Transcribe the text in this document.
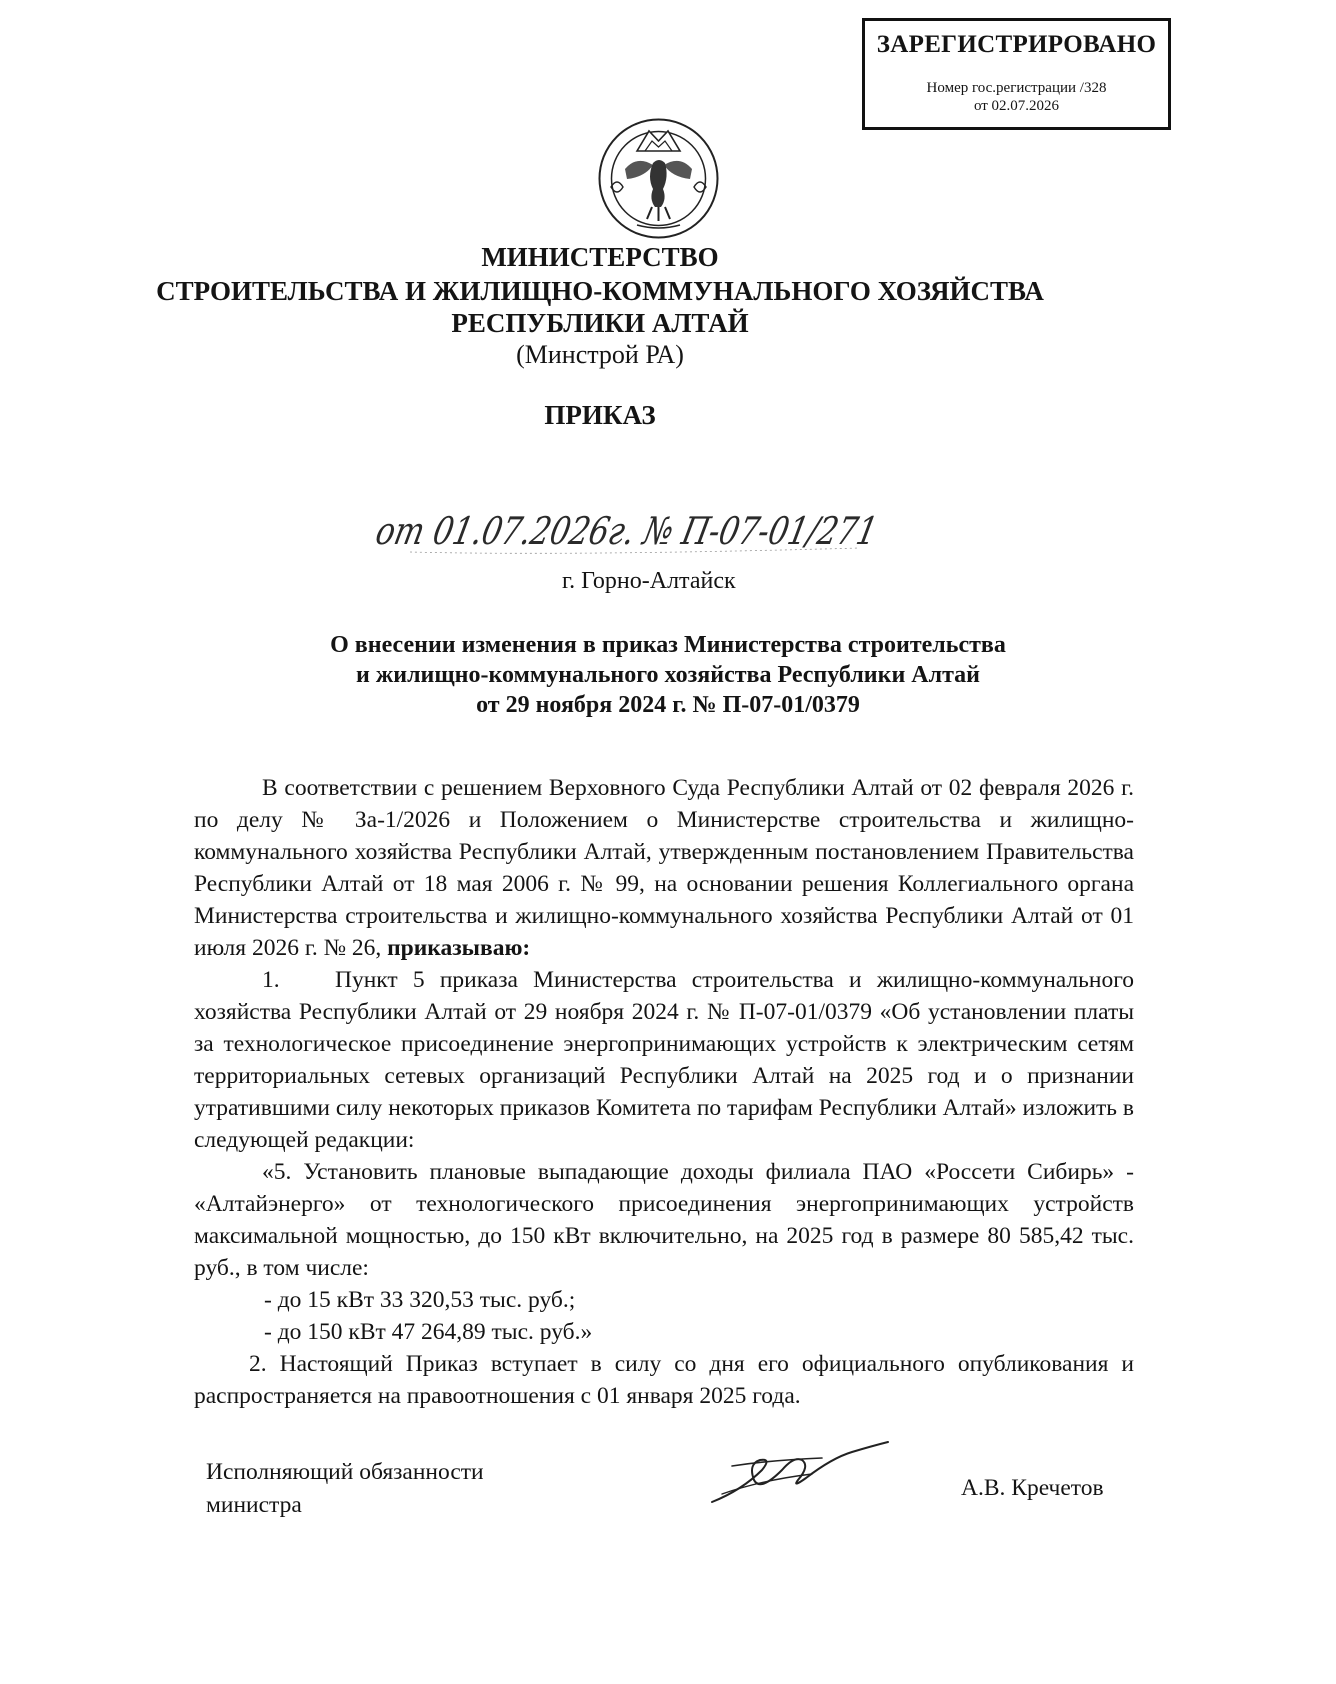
ЗАРЕГИСТРИРОВАНО
Номер гос.регистрации /328
от 02.07.2026
МИНИСТЕРСТВО
СТРОИТЕЛЬСТВА И ЖИЛИЩНО-КОММУНАЛЬНОГО ХОЗЯЙСТВА
РЕСПУБЛИКИ АЛТАЙ
(Минстрой РА)
ПРИКАЗ
от 01.07.2026г. № П-07-01/271
г. Горно-Алтайск
О внесении изменения в приказ Министерства строительства
и жилищно-коммунального хозяйства Республики Алтай
от 29 ноября 2024 г. № П-07-01/0379

В соответствии с решением Верховного Суда Республики Алтай от 02 февраля 2026 г. по делу № За-1/2026 и Положением о Министерстве строительства и жилищно-коммунального хозяйства Республики Алтай, утвержденным постановлением Правительства Республики Алтай от 18 мая 2006 г. № 99, на основании решения Коллегиального органа Министерства строительства и жилищно-коммунального хозяйства Республики Алтай от 01 июля 2026 г. № 26, приказываю:

1. Пункт 5 приказа Министерства строительства и жилищно-коммунального хозяйства Республики Алтай от 29 ноября 2024 г. № П-07-01/0379 «Об установлении платы за технологическое присоединение энергопринимающих устройств к электрическим сетям территориальных сетевых организаций Республики Алтай на 2025 год и о признании утратившими силу некоторых приказов Комитета по тарифам Республики Алтай» изложить в следующей редакции:

«5. Установить плановые выпадающие доходы филиала ПАО «Россети Сибирь» - «Алтайэнерго» от технологического присоединения энергопринимающих устройств максимальной мощностью, до 150 кВт включительно, на 2025 год в размере 80 585,42 тыс. руб., в том числе:

- до 15 кВт 33 320,53 тыс. руб.;

- до 150 кВт 47 264,89 тыс. руб.»

2. Настоящий Приказ вступает в силу со дня его официального опубликования и распространяется на правоотношения с 01 января 2025 года.

Исполняющий обязанности
министра
А.В. Кречетов
